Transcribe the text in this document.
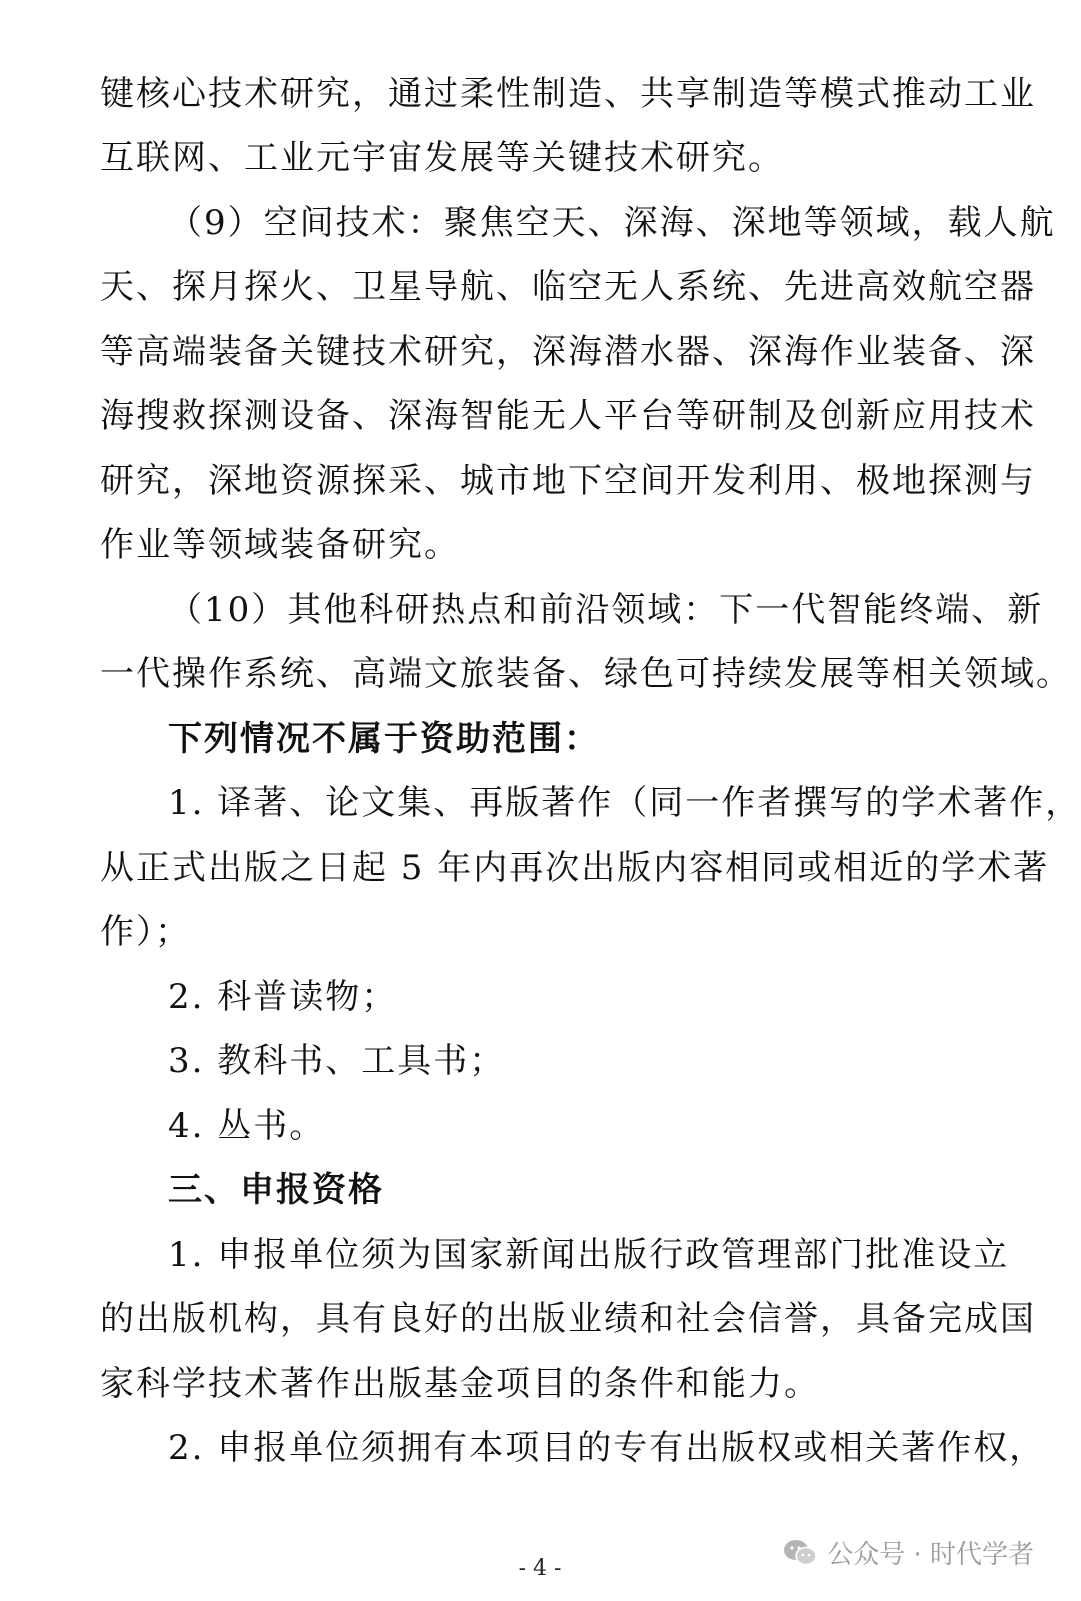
键核心技术研究，通过柔性制造、共享制造等模式推动工业
互联网、工业元宇宙发展等关键技术研究。
（9）空间技术：聚焦空天、深海、深地等领域，载人航
天、探月探火、卫星导航、临空无人系统、先进高效航空器
等高端装备关键技术研究，深海潜水器、深海作业装备、深
海搜救探测设备、深海智能无人平台等研制及创新应用技术
研究，深地资源探采、城市地下空间开发利用、极地探测与
作业等领域装备研究。
（10）其他科研热点和前沿领域：下一代智能终端、新
一代操作系统、高端文旅装备、绿色可持续发展等相关领域。
下列情况不属于资助范围：
1. 译著、论文集、再版著作（同一作者撰写的学术著作，
从正式出版之日起 5 年内再次出版内容相同或相近的学术著
作）；
2. 科普读物；
3. 教科书、工具书；
4. 丛书。
三、申报资格
1. 申报单位须为国家新闻出版行政管理部门批准设立
的出版机构，具有良好的出版业绩和社会信誉，具备完成国
家科学技术著作出版基金项目的条件和能力。
2. 申报单位须拥有本项目的专有出版权或相关著作权，
公众号 · 时代学者
- 4 -
